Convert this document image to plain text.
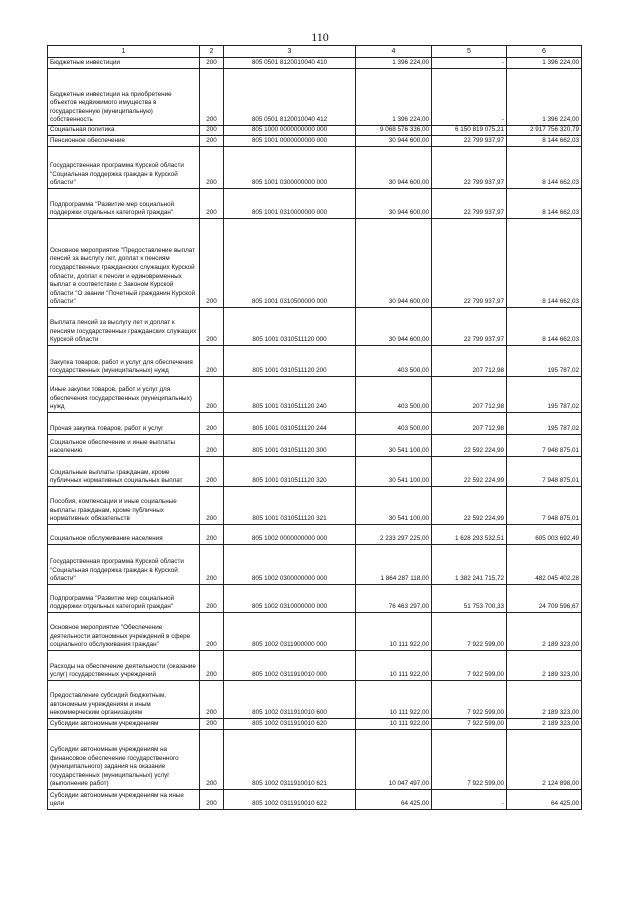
110
1	2	3	4	5	6
Бюджетные инвестиции	200	805 0501 8120010040 410	1 396 224,00	-	1 396 224,00
Бюджетные инвестиции на приобретение объектов недвижимого имущества в государственную (муниципальную) собственность	200	805 0501 8120010040 412	1 396 224,00	-	1 396 224,00
Социальная политика	200	805 1000 0000000000 000	9 068 576 336,00	6 150 819 075,21	2 917 756 320,79
Пенсионное обеспечение	200	805 1001 0000000000 000	30 944 600,00	22 799 937,97	8 144 662,03
Государственная программа Курской области "Социальная поддержка граждан в Курской области"	200	805 1001 0300000000 000	30 944 600,00	22 799 937,97	8 144 662,03
Подпрограмма "Развитие мер социальной поддержки отдельных категорий граждан"	200	805 1001 0310000000 000	30 944 600,00	22 799 937,97	8 144 662,03
Основное мероприятие "Предоставление выплат пенсий за выслугу лет, доплат к пенсиям государственных гражданских служащих Курской области, доплат к пенсии и единовременных выплат в соответствии с Законом Курской области "О звании "Почетный гражданин Курской области"	200	805 1001 0310500000 000	30 944 600,00	22 799 937,97	8 144 662,03
Выплата пенсий за выслугу лет и доплат к пенсиям государственных гражданских служащих Курской области	200	805 1001 0310511120 000	30 944 600,00	22 799 937,97	8 144 662,03
Закупка товаров, работ и услуг для обеспечения государственных (муниципальных) нужд	200	805 1001 0310511120 200	403 500,00	207 712,98	195 787,02
Иные закупки товаров, работ и услуг для обеспечения государственных (муниципальных) нужд	200	805 1001 0310511120 240	403 500,00	207 712,98	195 787,02
Прочая закупка товаров, работ и услуг	200	805 1001 0310511120 244	403 500,00	207 712,98	195 787,02
Социальное обеспечение и иные выплаты населению	200	805 1001 0310511120 300	30 541 100,00	22 592 224,99	7 948 875,01
Социальные выплаты гражданам, кроме публичных нормативных социальных выплат	200	805 1001 0310511120 320	30 541 100,00	22 592 224,99	7 948 875,01
Пособия, компенсации и иные социальные выплаты гражданам, кроме публичных нормативных обязательств	200	805 1001 0310511120 321	30 541 100,00	22 592 224,99	7 948 875,01
Социальное обслуживание населения	200	805 1002 0000000000 000	2 233 297 225,00	1 628 293 532,51	605 003 692,49
Государственная программа Курской области "Социальная поддержка граждан в Курской области"	200	805 1002 0300000000 000	1 864 287 118,00	1 382 241 715,72	482 045 402,28
Подпрограмма "Развитие мер социальной поддержки отдельных категорий граждан"	200	805 1002 0310000000 000	76 463 297,00	51 753 700,33	24 709 596,67
Основное мероприятие "Обеспечение деятельности автономных учреждений в сфере социального обслуживания граждан"	200	805 1002 0311900000 000	10 111 922,00	7 922 599,00	2 189 323,00
Расходы на обеспечение деятельности (оказание услуг) государственных учреждений	200	805 1002 0311910010 000	10 111 922,00	7 922 599,00	2 189 323,00
Предоставление субсидий бюджетным, автономным учреждениям и иным некоммерческим организациям	200	805 1002 0311910010 600	10 111 922,00	7 922 599,00	2 189 323,00
Субсидии автономным учреждениям	200	805 1002 0311910010 620	10 111 922,00	7 922 599,00	2 189 323,00
Субсидии автономным учреждениям на финансовое обеспечение государственного (муниципального) задания на оказание государственных (муниципальных) услуг (выполнение работ)	200	805 1002 0311910010 621	10 047 497,00	7 922 599,00	2 124 898,00
Субсидии автономным учреждениям на иные цели	200	805 1002 0311910010 622	64 425,00	-	64 425,00
